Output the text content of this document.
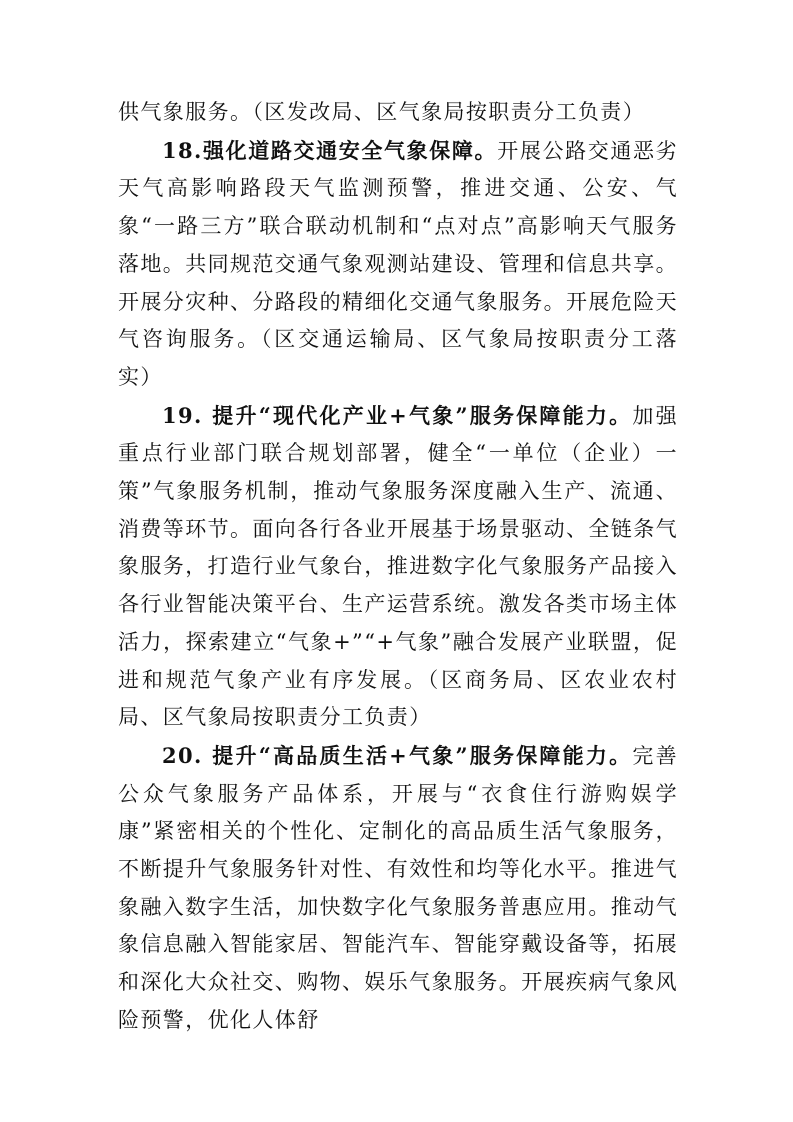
供气象服务。（区发改局、区气象局按职责分工负责）

18.强化道路交通安全气象保障。开展公路交通恶劣天气高影响路段天气监测预警，推进交通、公安、气象“一路三方”联合联动机制和“点对点”高影响天气服务落地。共同规范交通气象观测站建设、管理和信息共享。开展分灾种、分路段的精细化交通气象服务。开展危险天气咨询服务。（区交通运输局、区气象局按职责分工落实）

19. 提升“现代化产业+气象”服务保障能力。加强重点行业部门联合规划部署，健全“一单位（企业）一策”气象服务机制，推动气象服务深度融入生产、流通、消费等环节。面向各行各业开展基于场景驱动、全链条气象服务，打造行业气象台，推进数字化气象服务产品接入各行业智能决策平台、生产运营系统。激发各类市场主体活力，探索建立“气象+”“+气象”融合发展产业联盟，促进和规范气象产业有序发展。（区商务局、区农业农村局、区气象局按职责分工负责）

20. 提升“高品质生活+气象”服务保障能力。完善公众气象服务产品体系，开展与“衣食住行游购娱学康”紧密相关的个性化、定制化的高品质生活气象服务，不断提升气象服务针对性、有效性和均等化水平。推进气象融入数字生活，加快数字化气象服务普惠应用。推动气象信息融入智能家居、智能汽车、智能穿戴设备等，拓展和深化大众社交、购物、娱乐气象服务。开展疾病气象风险预警，优化人体舒
